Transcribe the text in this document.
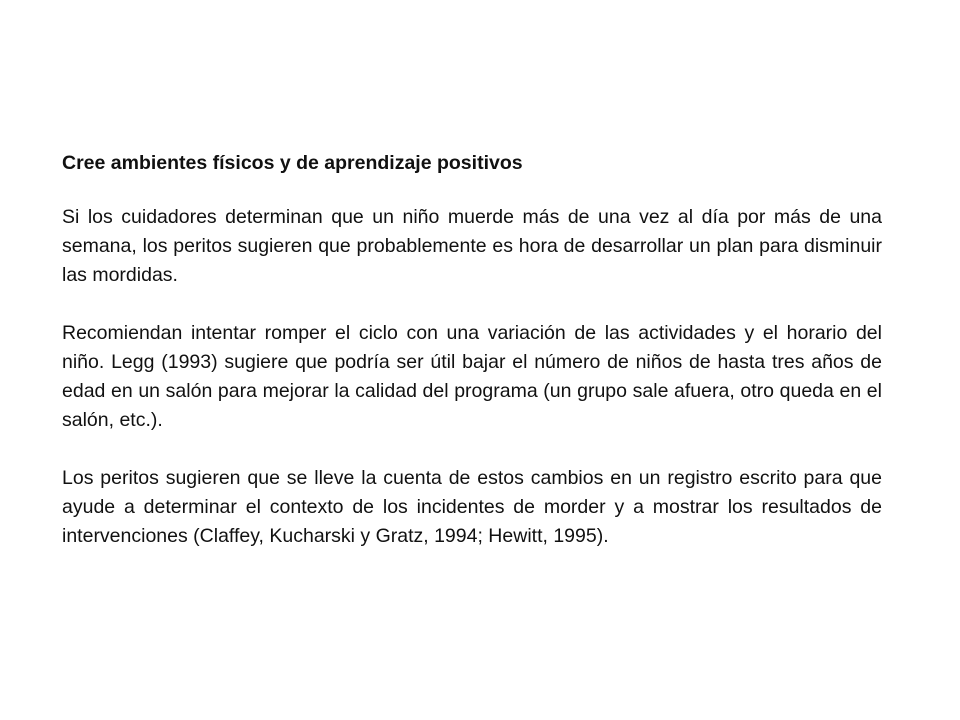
Cree ambientes físicos y de aprendizaje positivos

Si los cuidadores determinan que un niño muerde más de una vez al día por más de una semana, los peritos sugieren que probablemente es hora de desarrollar un plan para disminuir las mordidas.

Recomiendan intentar romper el ciclo con una variación de las actividades y el horario del niño. Legg (1993) sugiere que podría ser útil bajar el número de niños de hasta tres años de edad en un salón para mejorar la calidad del programa (un grupo sale afuera, otro queda en el salón, etc.).

Los peritos sugieren que se lleve la cuenta de estos cambios en un registro escrito para que ayude a determinar el contexto de los incidentes de morder y a mostrar los resultados de intervenciones (Claffey, Kucharski y Gratz, 1994; Hewitt, 1995).
